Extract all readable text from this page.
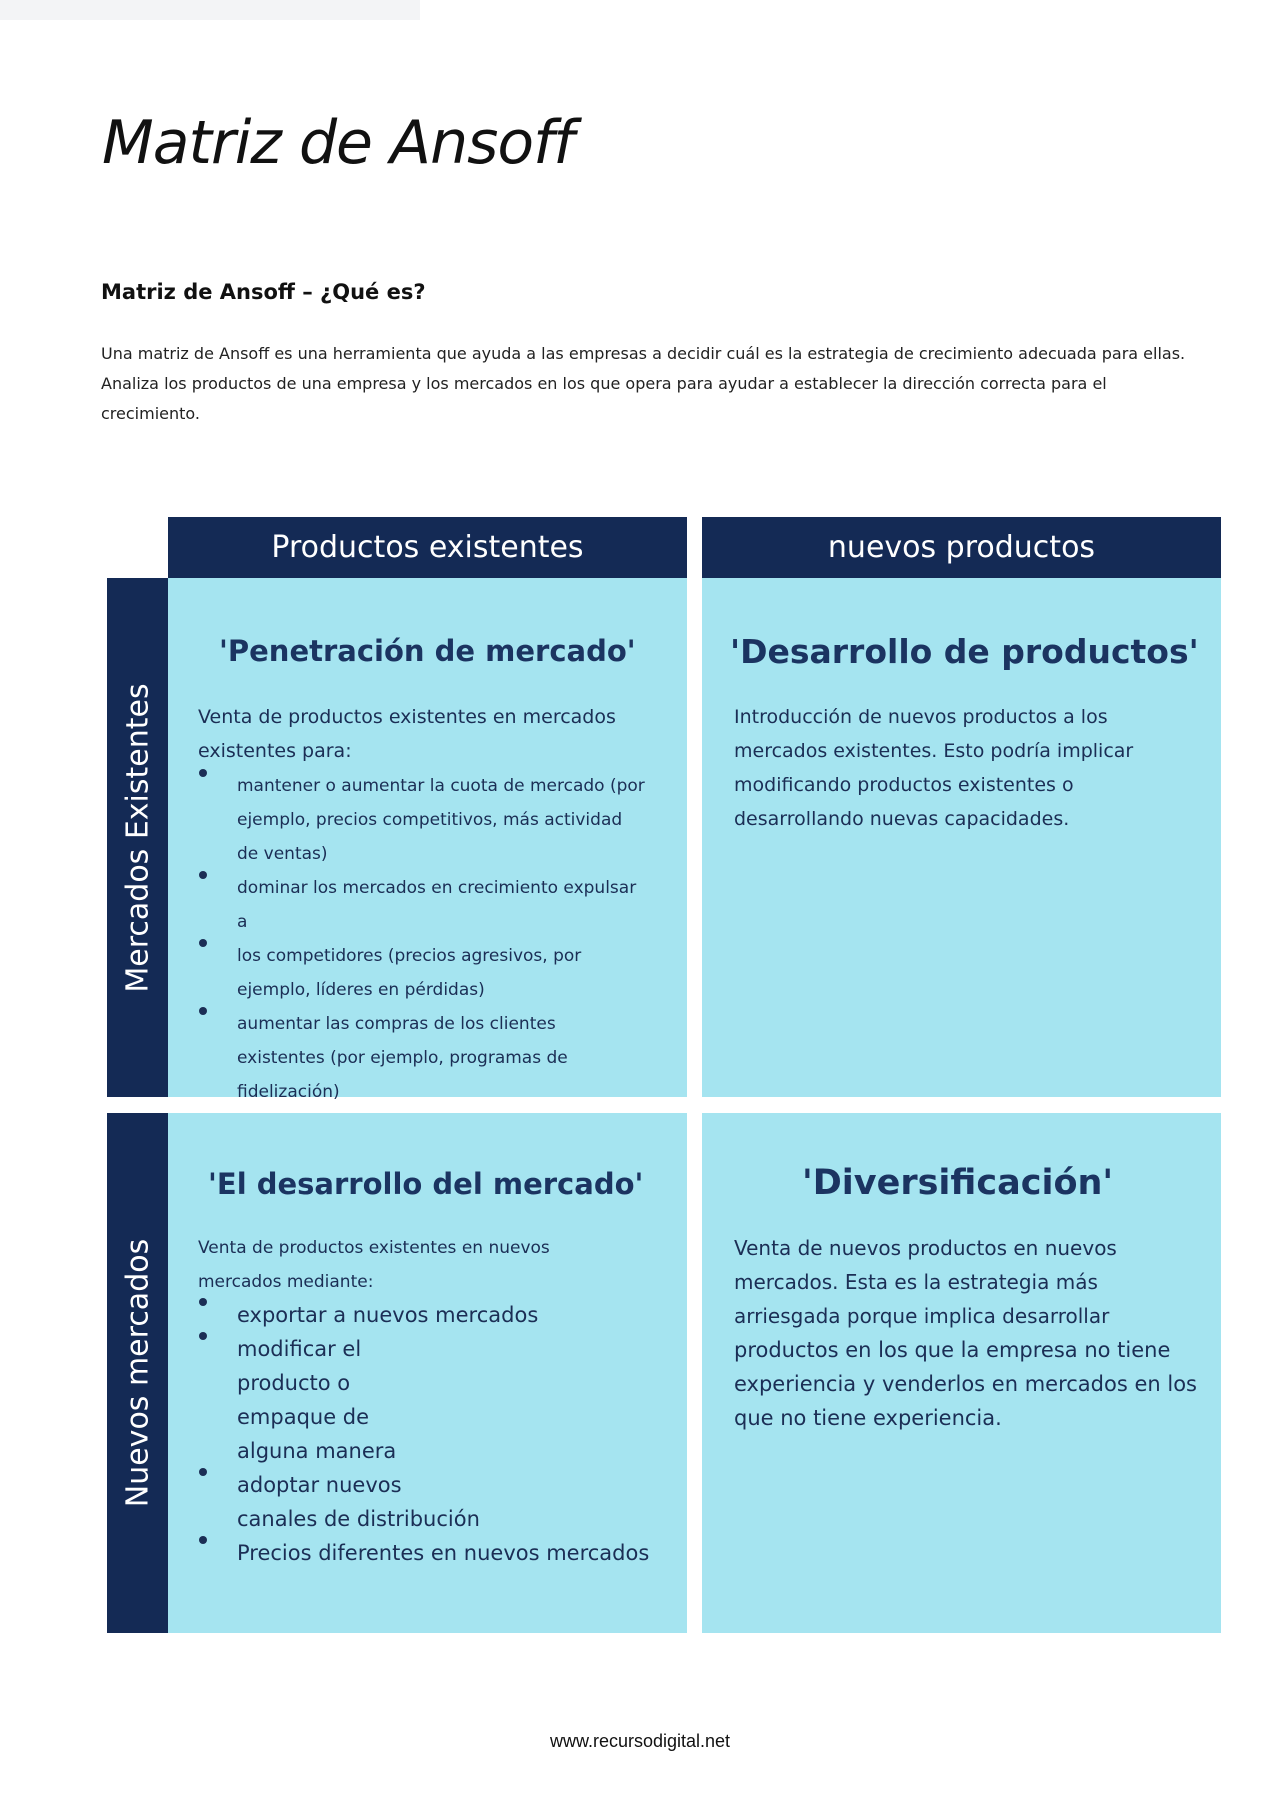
Matriz de Ansoff
Matriz de Ansoff – ¿Qué es?

Una matriz de Ansoff es una herramienta que ayuda a las empresas a decidir cuál es la estrategia de crecimiento adecuada para ellas. Analiza los productos de una empresa y los mercados en los que opera para ayudar a establecer la dirección correcta para el crecimiento.

Productos existentes	nuevos productos
Mercados Existentes
Nuevos mercados
'Penetración de mercado'

Venta de productos existentes en mercados existentes para:

mantener o aumentar la cuota de mercado (por ejemplo, precios competitivos, más actividad de ventas)
dominar los mercados en crecimiento expulsar a
los competidores (precios agresivos, por ejemplo, líderes en pérdidas)
aumentar las compras de los clientes existentes (por ejemplo, programas de fidelización)
'Desarrollo de productos'

Introducción de nuevos productos a los mercados existentes. Esto podría implicar modificando productos existentes o desarrollando nuevas capacidades.

'El desarrollo del mercado'

Venta de productos existentes en nuevos mercados mediante:

exportar a nuevos mercados
modificar el producto o empaque de alguna manera
adoptar nuevos canales de distribución
Precios diferentes en nuevos mercados
'Diversificación'

Venta de nuevos productos en nuevos mercados. Esta es la estrategia más arriesgada porque implica desarrollar

productos en los que la empresa no tiene experiencia y venderlos en mercados en los que no tiene experiencia.

www.recursodigital.net
